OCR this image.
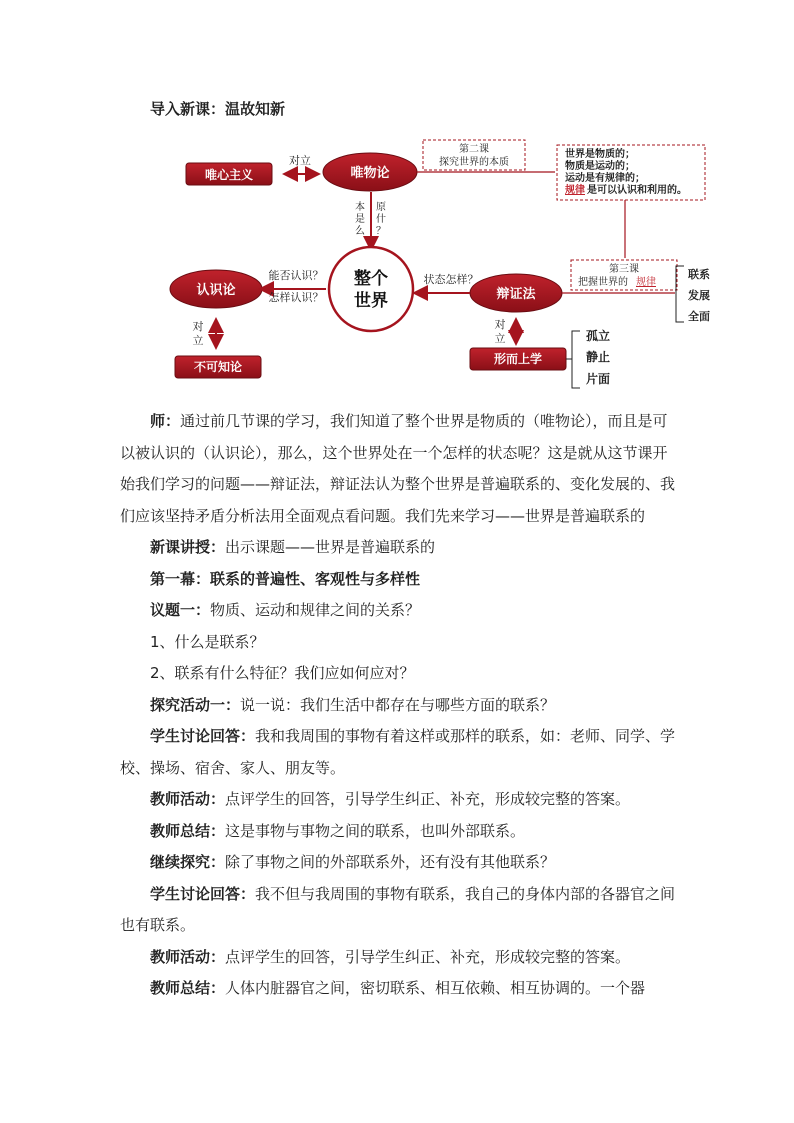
导入新课：温故知新
唯心主义
对立
唯物论
第二课
探究世界的本质
世界是物质的；
物质是运动的；
运动是有规律的；
规律 是可以认识和利用的。
本
是
么
原
什
？
整个
世界
认识论
能否认识？
怎样认识？	辩证法
状态怎样？
第三课
把握世界的 规律
联系
发展
全面
对
立
不可知论
对
立
形而上学
孤立
静止
片面

师：通过前几节课的学习，我们知道了整个世界是物质的（唯物论），而且是可以被认识的（认识论），那么，这个世界处在一个怎样的状态呢？这是就从这节课开始我们学习的问题——辩证法，辩证法认为整个世界是普遍联系的、变化发展的、我们应该坚持矛盾分析法用全面观点看问题。我们先来学习——世界是普遍联系的

新课讲授：出示课题——世界是普遍联系的

第一幕：联系的普遍性、客观性与多样性

议题一：物质、运动和规律之间的关系？

1、什么是联系？

2、联系有什么特征？我们应如何应对？

探究活动一：说一说：我们生活中都存在与哪些方面的联系？

学生讨论回答：我和我周围的事物有着这样或那样的联系，如：老师、同学、学校、操场、宿舍、家人、朋友等。

教师活动：点评学生的回答，引导学生纠正、补充，形成较完整的答案。

教师总结：这是事物与事物之间的联系，也叫外部联系。

继续探究：除了事物之间的外部联系外，还有没有其他联系？

学生讨论回答：我不但与我周围的事物有联系，我自己的身体内部的各器官之间也有联系。

教师活动：点评学生的回答，引导学生纠正、补充，形成较完整的答案。

教师总结：人体内脏器官之间，密切联系、相互依赖、相互协调的。一个器
